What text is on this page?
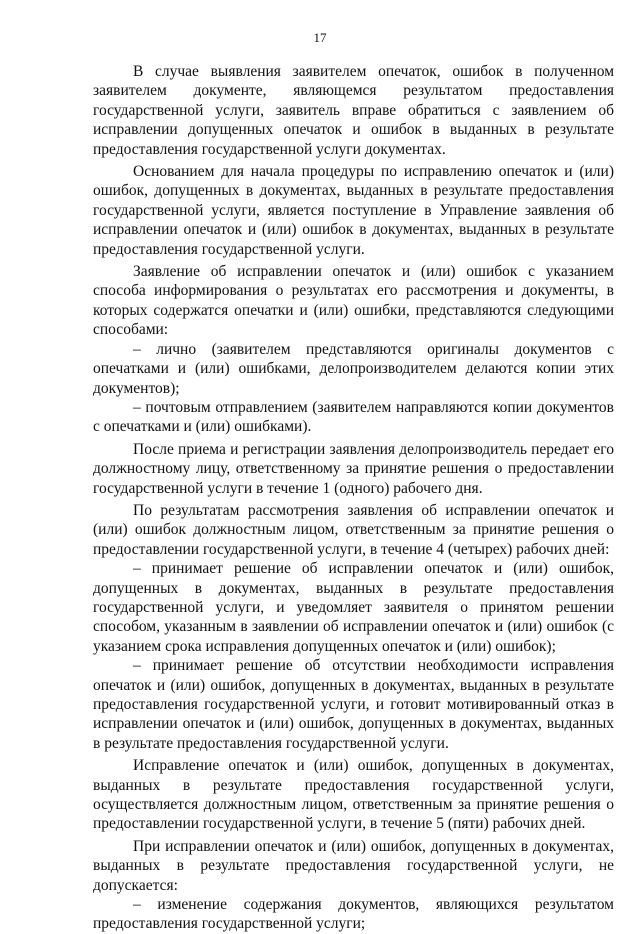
17

В случае выявления заявителем опечаток, ошибок в полученном заявителем документе, являющемся результатом предоставления государственной услуги, заявитель вправе обратиться с заявлением об исправлении допущенных опечаток и ошибок в выданных в результате предоставления государственной услуги документах.

Основанием для начала процедуры по исправлению опечаток и (или) ошибок, допущенных в документах, выданных в результате предоставления государственной услуги, является поступление в Управление заявления об исправлении опечаток и (или) ошибок в документах, выданных в результате предоставления государственной услуги.

Заявление об исправлении опечаток и (или) ошибок с указанием способа информирования о результатах его рассмотрения и документы, в которых содержатся опечатки и (или) ошибки, представляются следующими способами:

– лично (заявителем представляются оригиналы документов с опечатками и (или) ошибками, делопроизводителем делаются копии этих документов);

– почтовым отправлением (заявителем направляются копии документов с опечатками и (или) ошибками).

После приема и регистрации заявления делопроизводитель передает его должностному лицу, ответственному за принятие решения о предоставлении государственной услуги в течение 1 (одного) рабочего дня.

По результатам рассмотрения заявления об исправлении опечаток и (или) ошибок должностным лицом, ответственным за принятие решения о предоставлении государственной услуги, в течение 4 (четырех) рабочих дней:

– принимает решение об исправлении опечаток и (или) ошибок, допущенных в документах, выданных в результате предоставления государственной услуги, и уведомляет заявителя о принятом решении способом, указанным в заявлении об исправлении опечаток и (или) ошибок (с указанием срока исправления допущенных опечаток и (или) ошибок);

– принимает решение об отсутствии необходимости исправления опечаток и (или) ошибок, допущенных в документах, выданных в результате предоставления государственной услуги, и готовит мотивированный отказ в исправлении опечаток и (или) ошибок, допущенных в документах, выданных в результате предоставления государственной услуги.

Исправление опечаток и (или) ошибок, допущенных в документах, выданных в результате предоставления государственной услуги, осуществляется должностным лицом, ответственным за принятие решения о предоставлении государственной услуги, в течение 5 (пяти) рабочих дней.

При исправлении опечаток и (или) ошибок, допущенных в документах, выданных в результате предоставления государственной услуги, не допускается:

– изменение содержания документов, являющихся результатом предоставления государственной услуги;
